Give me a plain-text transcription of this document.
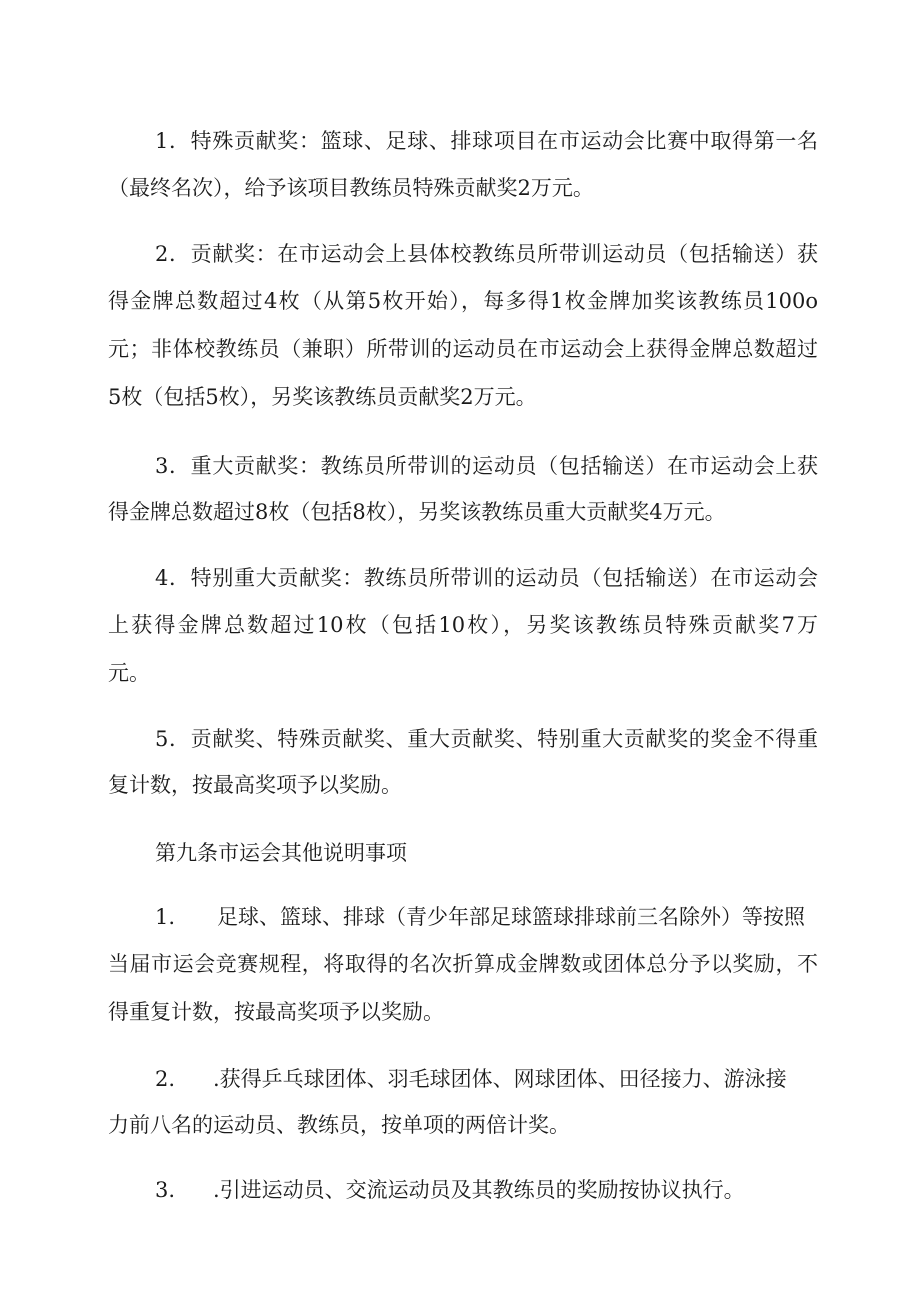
1．特殊贡献奖：篮球、足球、排球项目在市运动会比赛中取得第一名
（最终名次），给予该项目教练员特殊贡献奖2万元。
2．贡献奖：在市运动会上县体校教练员所带训运动员（包括输送）获
得金牌总数超过4枚（从第5枚开始），每多得1枚金牌加奖该教练员100o
元；非体校教练员（兼职）所带训的运动员在市运动会上获得金牌总数超过
5枚（包括5枚），另奖该教练员贡献奖2万元。
3．重大贡献奖：教练员所带训的运动员（包括输送）在市运动会上获
得金牌总数超过8枚（包括8枚），另奖该教练员重大贡献奖4万元。
4．特别重大贡献奖：教练员所带训的运动员（包括输送）在市运动会
上获得金牌总数超过10枚（包括10枚），另奖该教练员特殊贡献奖7万
元。
5．贡献奖、特殊贡献奖、重大贡献奖、特别重大贡献奖的奖金不得重
复计数，按最高奖项予以奖励。
第九条市运会其他说明事项
1. 足球、篮球、排球（青少年部足球篮球排球前三名除外）等按照
当届市运会竞赛规程，将取得的名次折算成金牌数或团体总分予以奖励，不
得重复计数，按最高奖项予以奖励。
2. .获得乒乓球团体、羽毛球团体、网球团体、田径接力、游泳接
力前八名的运动员、教练员，按单项的两倍计奖。
3. .引进运动员、交流运动员及其教练员的奖励按协议执行。
